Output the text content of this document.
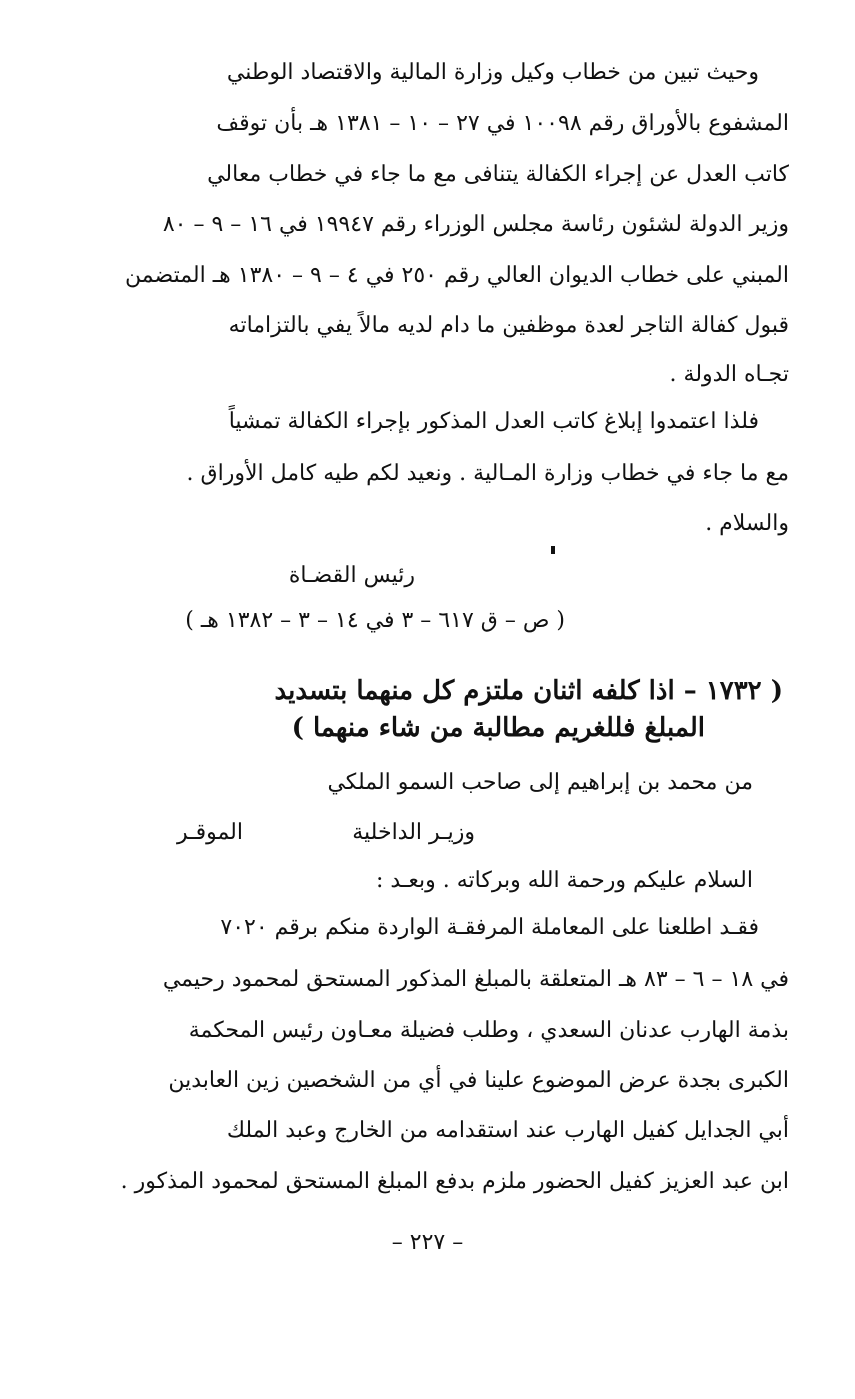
وحيث تبين من خطاب وكيل وزارة المالية والاقتصاد الوطني
المشفوع بالأوراق رقم ١٠٠٩٨ في ٢٧ – ١٠ – ١٣٨١ هـ بأن توقف
كاتب العدل عن إجراء الكفالة يتنافى مع ما جاء في خطاب معالي
وزير الدولة لشئون رئاسة مجلس الوزراء رقم ١٩٩٤٧ في ١٦ – ٩ – ٨٠
المبني على خطاب الديوان العالي رقم ٢٥٠ في ٤ – ٩ – ١٣٨٠ هـ المتضمن
قبول كفالة التاجر لعدة موظفين ما دام لديه مالاً يفي بالتزاماته
تجـاه الدولة .
فلذا اعتمدوا إبلاغ كاتب العدل المذكور بإجراء الكفالة تمشياً
مع ما جاء في خطاب وزارة المـالية . ونعيد لكم طيه كامل الأوراق .
والسلام .
رئيس القضـاة
( ص – ق ٦١٧ – ٣ في ١٤ – ٣ – ١٣٨٢ هـ )
( ١٧٣٢ – اذا كلفه اثنان ملتزم كل منهما بتسديد
المبلغ فللغريم مطالبة من شاء منهما )
من محمد بن إبراهيم إلى صاحب السمو الملكي
وزيـر الداخلية
الموقـر
السلام عليكم ورحمة الله وبركاته . وبعـد :
فقـد اطلعنا على المعاملة المرفقـة الواردة منكم برقم ٧٠٢٠
في ١٨ – ٦ – ٨٣ هـ المتعلقة بالمبلغ المذكور المستحق لمحمود رحيمي
بذمة الهارب عدنان السعدي ، وطلب فضيلة معـاون رئيس المحكمة
الكبرى بجدة عرض الموضوع علينا في أي من الشخصين زين العابدين
أبي الجدايل كفيل الهارب عند استقدامه من الخارج وعبد الملك
ابن عبد العزيز كفيل الحضور ملزم بدفع المبلغ المستحق لمحمود المذكور .
– ٢٢٧ –
